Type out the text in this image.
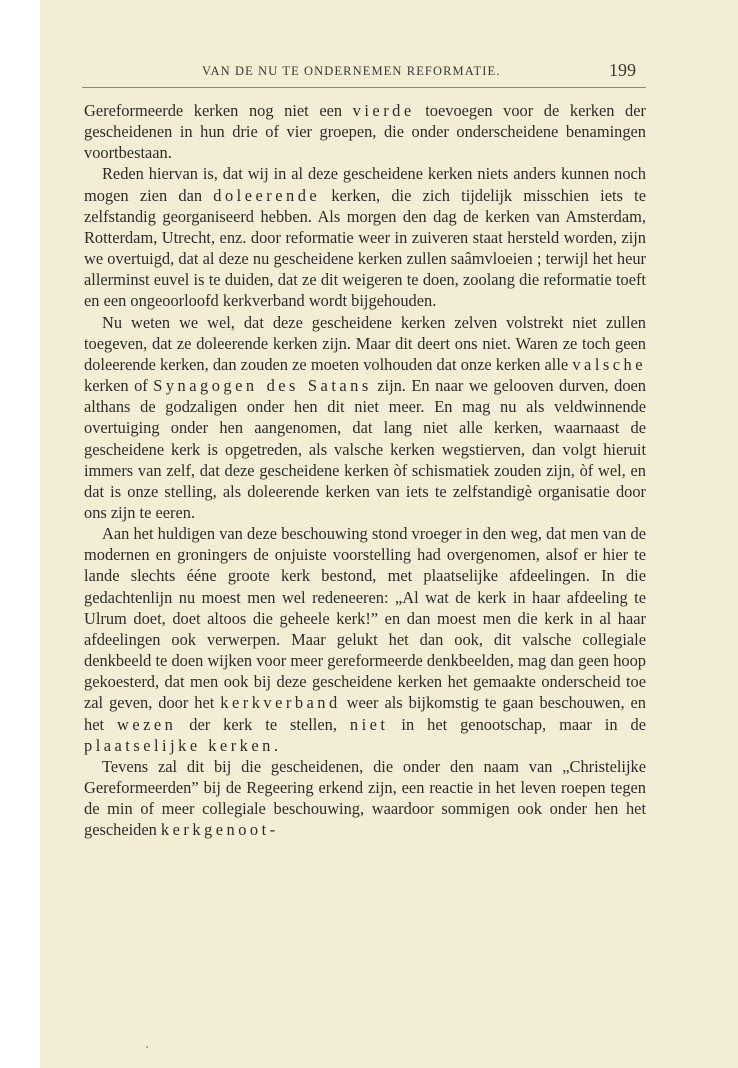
VAN DE NU TE ONDERNEMEN REFORMATIE.	199

Gereformeerde kerken nog niet een vierde toevoegen voor de kerken der gescheidenen in hun drie of vier groepen, die onder onderscheidene benamingen voortbestaan.

Reden hiervan is, dat wij in al deze gescheidene kerken niets anders kunnen noch mogen zien dan doleerende kerken, die zich tijdelijk misschien iets te zelfstandig georganiseerd hebben. Als morgen den dag de kerken van Amsterdam, Rotterdam, Utrecht, enz. door reformatie weer in zuiveren staat hersteld worden, zijn we overtuigd, dat al deze nu gescheidene kerken zullen saâmvloeien ; terwijl het heur allerminst euvel is te duiden, dat ze dit weigeren te doen, zoolang die reformatie toeft en een ongeoorloofd kerkverband wordt bijgehouden.

Nu weten we wel, dat deze gescheidene kerken zelven volstrekt niet zullen toegeven, dat ze doleerende kerken zijn. Maar dit deert ons niet. Waren ze toch geen doleerende kerken, dan zouden ze moeten volhouden dat onze kerken alle valsche kerken of Synagogen des Satans zijn. En naar we gelooven durven, doen althans de godzaligen onder hen dit niet meer. En mag nu als veldwinnende overtuiging onder hen aangenomen, dat lang niet alle kerken, waarnaast de gescheidene kerk is opgetreden, als valsche kerken wegstierven, dan volgt hieruit immers van zelf, dat deze gescheidene kerken òf schismatiek zouden zijn, òf wel, en dat is onze stelling, als doleerende kerken van iets te zelfstandigè organisatie door ons zijn te eeren.

Aan het huldigen van deze beschouwing stond vroeger in den weg, dat men van de modernen en groningers de onjuiste voorstelling had overgenomen, alsof er hier te lande slechts ééne groote kerk bestond, met plaatselijke afdeelingen. In die gedachtenlijn nu moest men wel redeneeren: „Al wat de kerk in haar afdeeling te Ulrum doet, doet altoos die geheele kerk!” en dan moest men die kerk in al haar afdeelingen ook verwerpen. Maar gelukt het dan ook, dit valsche collegiale denkbeeld te doen wijken voor meer gereformeerde denkbeelden, mag dan geen hoop gekoesterd, dat men ook bij deze gescheidene kerken het gemaakte onderscheid toe zal geven, door het kerkverband weer als bijkomstig te gaan beschouwen, en het wezen der kerk te stellen, niet in het genootschap, maar in de plaatselijke kerken.

Tevens zal dit bij die gescheidenen, die onder den naam van „Christelijke Gereformeerden” bij de Regeering erkend zijn, een reactie in het leven roepen tegen de min of meer collegiale beschouwing, waardoor sommigen ook onder hen het gescheiden kerkgenoot-
